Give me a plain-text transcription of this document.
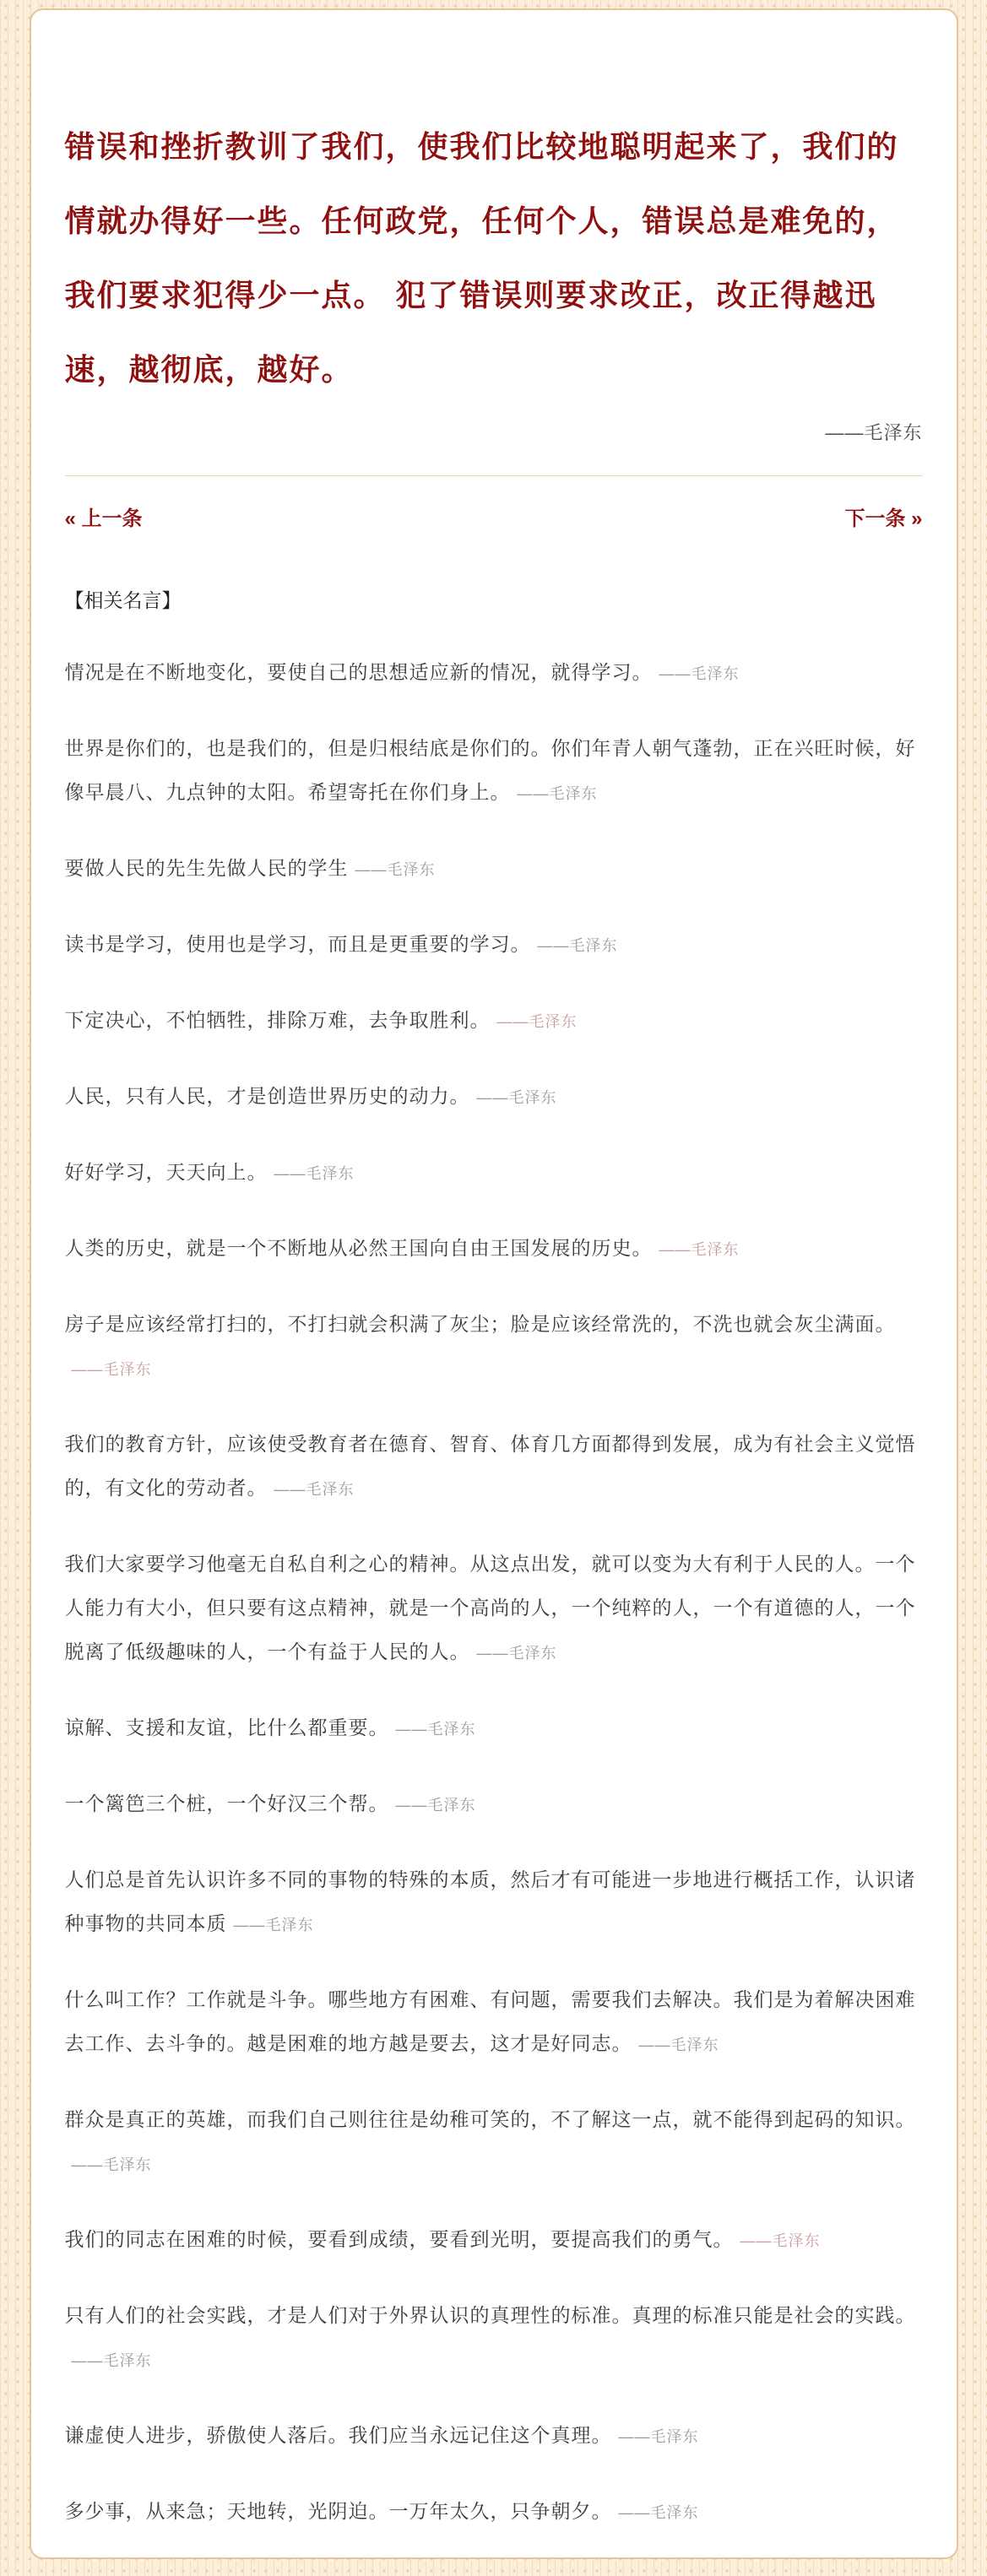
错误和挫折教训了我们，使我们比较地聪明起来了，我们的
情就办得好一些。任何政党，任何个人，错误总是难免的，
我们要求犯得少一点。 犯了错误则要求改正，改正得越迅
速，越彻底，越好。
——毛泽东
« 上一条	下一条 »
【相关名言】

情况是在不断地变化，要使自己的思想适应新的情况，就得学习。 ——毛泽东

世界是你们的，也是我们的，但是归根结底是你们的。你们年青人朝气蓬勃，正在兴旺时候，好像早晨八、九点钟的太阳。希望寄托在你们身上。 ——毛泽东

要做人民的先生先做人民的学生 ——毛泽东

读书是学习，使用也是学习，而且是更重要的学习。 ——毛泽东

下定决心，不怕牺牲，排除万难，去争取胜利。 ——毛泽东

人民，只有人民，才是创造世界历史的动力。 ——毛泽东

好好学习，天天向上。 ——毛泽东

人类的历史，就是一个不断地从必然王国向自由王国发展的历史。 ——毛泽东

房子是应该经常打扫的，不打扫就会积满了灰尘；脸是应该经常洗的，不洗也就会灰尘满面。——毛泽东

我们的教育方针，应该使受教育者在德育、智育、体育几方面都得到发展，成为有社会主义觉悟的，有文化的劳动者。 ——毛泽东

我们大家要学习他毫无自私自利之心的精神。从这点出发，就可以变为大有利于人民的人。一个人能力有大小，但只要有这点精神，就是一个高尚的人，一个纯粹的人，一个有道德的人，一个脱离了低级趣味的人，一个有益于人民的人。 ——毛泽东

谅解、支援和友谊，比什么都重要。 ——毛泽东

一个篱笆三个桩，一个好汉三个帮。 ——毛泽东

人们总是首先认识许多不同的事物的特殊的本质，然后才有可能进一步地进行概括工作，认识诸种事物的共同本质 ——毛泽东

什么叫工作？工作就是斗争。哪些地方有困难、有问题，需要我们去解决。我们是为着解决困难去工作、去斗争的。越是困难的地方越是要去，这才是好同志。 ——毛泽东

群众是真正的英雄，而我们自己则往往是幼稚可笑的，不了解这一点，就不能得到起码的知识。——毛泽东

我们的同志在困难的时候，要看到成绩，要看到光明，要提高我们的勇气。 ——毛泽东

只有人们的社会实践，才是人们对于外界认识的真理性的标准。真理的标准只能是社会的实践。——毛泽东

谦虚使人进步，骄傲使人落后。我们应当永远记住这个真理。 ——毛泽东

多少事，从来急；天地转，光阴迫。一万年太久，只争朝夕。 ——毛泽东
